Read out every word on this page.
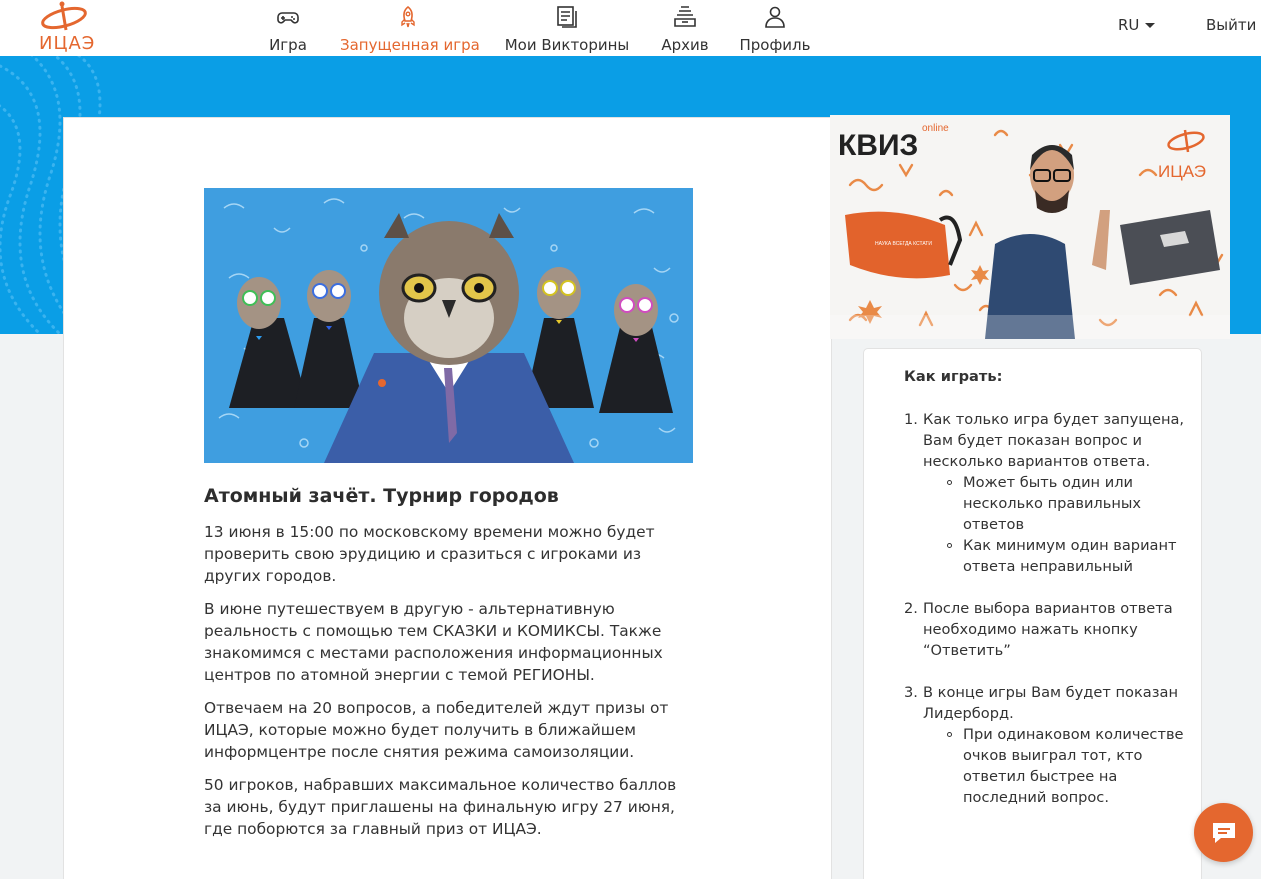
ИЦАЭ	Игра	Запущенная игра	Мои Викторины	Архив	Профиль
RU	Выйти
Атомный зачёт. Турнир городов

13 июня в 15:00 по московскому времени можно будет проверить свою эрудицию и сразиться с игроками из других городов.

В июне путешествуем в другую - альтернативную реальность с помощью тем СКАЗКИ и КОМИКСЫ. Также знакомимся с местами расположения информационных центров по атомной энергии с темой РЕГИОНЫ.

Отвечаем на 20 вопросов, а победителей ждут призы от ИЦАЭ, которые можно будет получить в ближайшем информцентре после снятия режима самоизоляции.

50 игроков, набравших максимальное количество баллов за июнь, будут приглашены на финальную игру 27 июня, где поборются за главный приз от ИЦАЭ.

КВИЗ
online
ИЦАЭ
НАУКА ВСЕГДА КСТАТИ
Как играть:
1. Как только игра будет запущена, Вам будет показан вопрос и несколько вариантов ответа.
Может быть один или несколько правильных ответов
Как минимум один вариант ответа неправильный
2. После выбора вариантов ответа необходимо нажать кнопку “Ответить”
3. В конце игры Вам будет показан Лидерборд.
При одинаковом количестве очков выиграл тот, кто ответил быстрее на последний вопрос.
